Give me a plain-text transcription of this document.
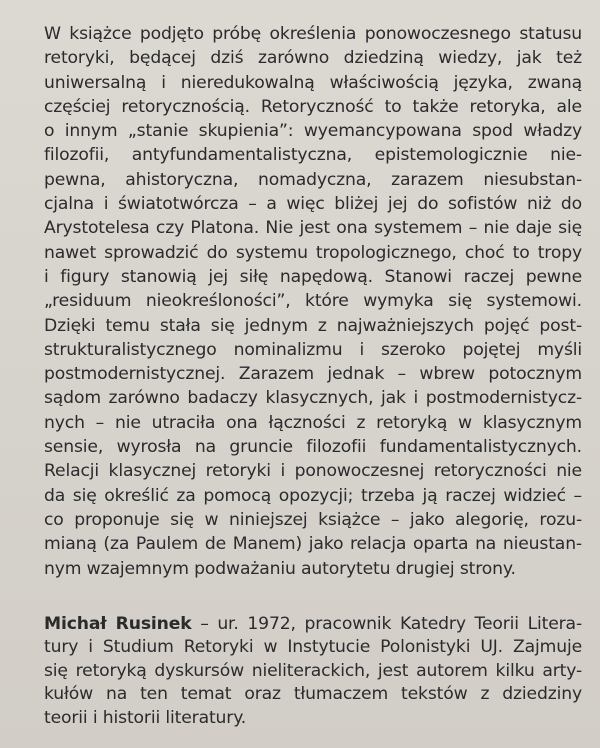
W książce podjęto próbę określenia ponowoczesnego statusu
retoryki, będącej dziś zarówno dziedziną wiedzy, jak też
uniwersalną i nieredukowalną właściwością języka, zwaną
częściej retorycznością. Retoryczność to także retoryka, ale
o innym „stanie skupienia”: wyemancypowana spod władzy
filozofii, antyfundamentalistyczna, epistemologicznie nie-
pewna, ahistoryczna, nomadyczna, zarazem niesubstan-
cjalna i światotwórcza – a więc bliżej jej do sofistów niż do
Arystotelesa czy Platona. Nie jest ona systemem – nie daje się
nawet sprowadzić do systemu tropologicznego, choć to tropy
i figury stanowią jej siłę napędową. Stanowi raczej pewne
„residuum nieokreśloności”, które wymyka się systemowi.
Dzięki temu stała się jednym z najważniejszych pojęć post-
strukturalistycznego nominalizmu i szeroko pojętej myśli
postmodernistycznej. Zarazem jednak – wbrew potocznym
sądom zarówno badaczy klasycznych, jak i postmodernistycz-
nych – nie utraciła ona łączności z retoryką w klasycznym
sensie, wyrosła na gruncie filozofii fundamentalistycznych.
Relacji klasycznej retoryki i ponowoczesnej retoryczności nie
da się określić za pomocą opozycji; trzeba ją raczej widzieć –
co proponuje się w niniejszej książce – jako alegorię, rozu-
mianą (za Paulem de Manem) jako relacja oparta na nieustan-
nym wzajemnym podważaniu autorytetu drugiej strony.

Michał Rusinek – ur. 1972, pracownik Katedry Teorii Litera-
tury i Studium Retoryki w Instytucie Polonistyki UJ. Zajmuje
się retoryką dyskursów nieliterackich, jest autorem kilku arty-
kułów na ten temat oraz tłumaczem tekstów z dziedziny
teorii i historii literatury.
